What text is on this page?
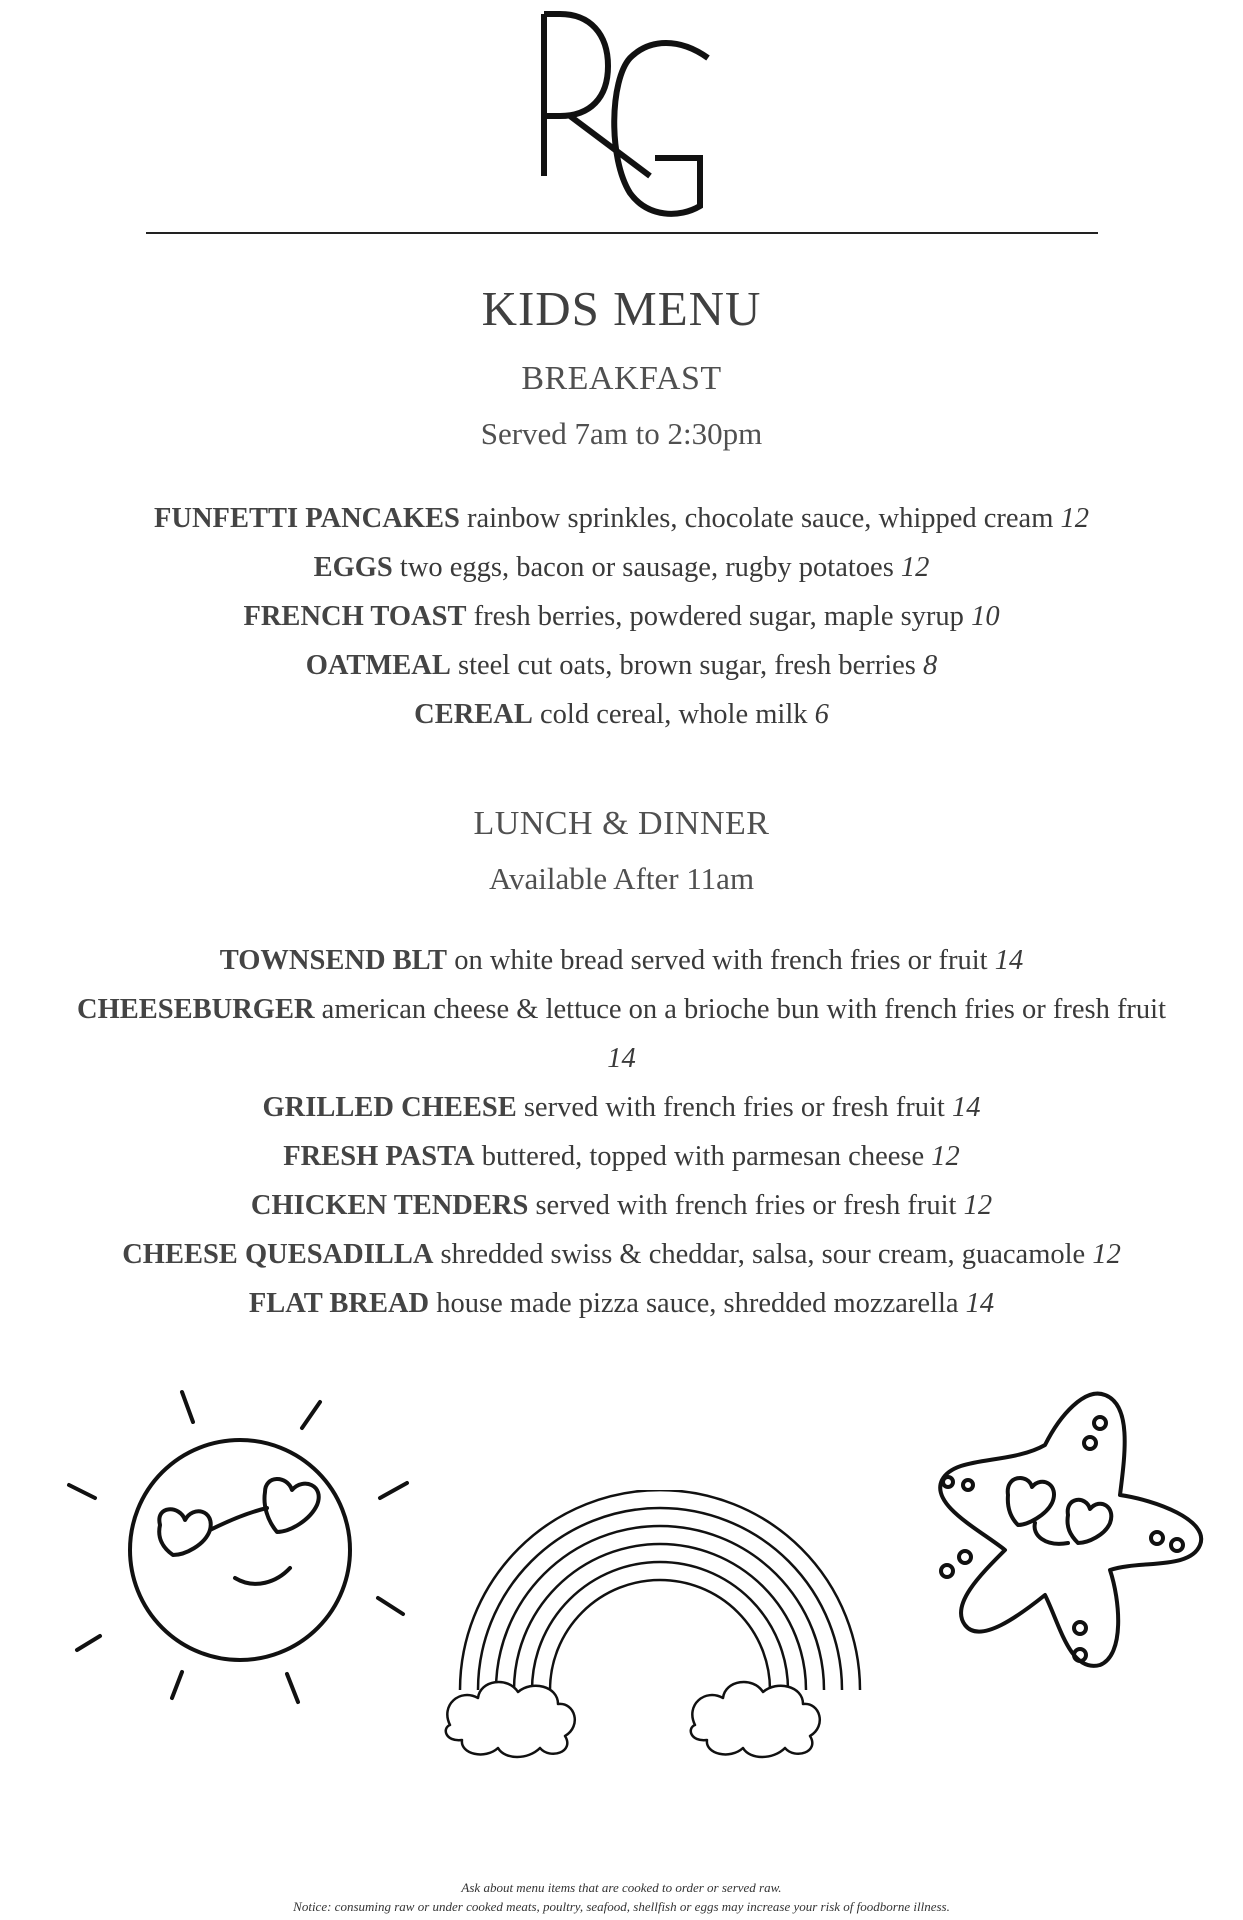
KIDS MENU
BREAKFAST
Served 7am to 2:30pm

FUNFETTI PANCAKES rainbow sprinkles, chocolate sauce, whipped cream 12

EGGS two eggs, bacon or sausage, rugby potatoes 12

FRENCH TOAST fresh berries, powdered sugar, maple syrup 10

OATMEAL steel cut oats, brown sugar, fresh berries 8

CEREAL cold cereal, whole milk 6

LUNCH & DINNER
Available After 11am

TOWNSEND BLT on white bread served with french fries or fruit 14

CHEESEBURGER american cheese & lettuce on a brioche bun with french fries or fresh fruit 14

GRILLED CHEESE served with french fries or fresh fruit 14

FRESH PASTA buttered, topped with parmesan cheese 12

CHICKEN TENDERS served with french fries or fresh fruit 12

CHEESE QUESADILLA shredded swiss & cheddar, salsa, sour cream, guacamole 12

FLAT BREAD house made pizza sauce, shredded mozzarella 14

Ask about menu items that are cooked to order or served raw.
Notice: consuming raw or under cooked meats, poultry, seafood, shellfish or eggs may increase your risk of foodborne illness.
